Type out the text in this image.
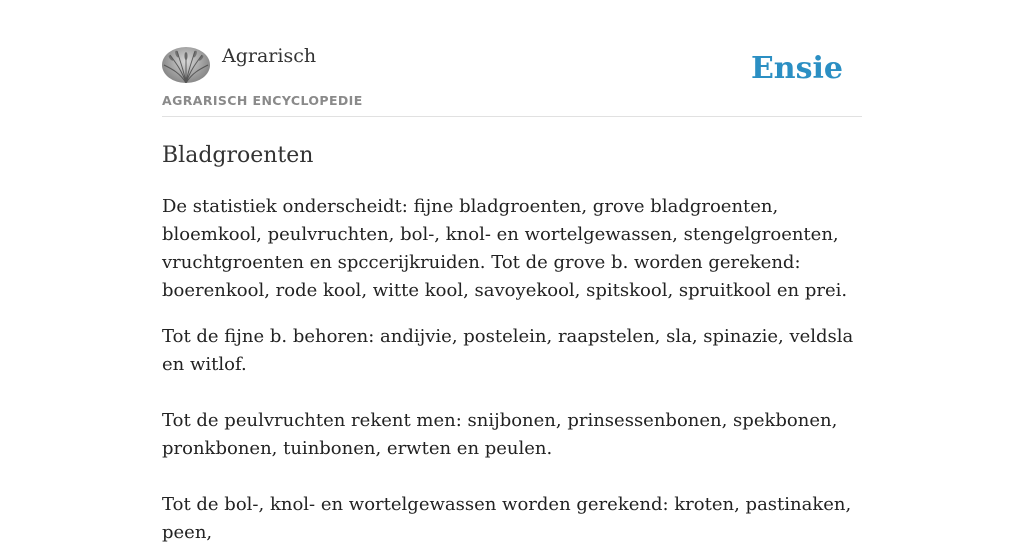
Agrarisch
AGRARISCH ENCYCLOPEDIE
Ensie
Bladgroenten

De statistiek onderscheidt: fijne bladgroenten, grove bladgroenten, bloemkool, peulvruchten, bol-, knol- en wortelgewassen, stengelgroenten, vruchtgroenten en spccerijkruiden. Tot de grove b. worden gerekend: boerenkool, rode kool, witte kool, savoyekool, spitskool, spruitkool en prei.

Tot de fijne b. behoren: andijvie, postelein, raapstelen, sla, spinazie, veldsla en witlof.

Tot de peulvruchten rekent men: snijbonen, prinsessenbonen, spekbonen, pronkbonen, tuinbonen, erwten en peulen.

Tot de bol-, knol- en wortelgewassen worden gerekend: kroten, pastinaken, peen,
